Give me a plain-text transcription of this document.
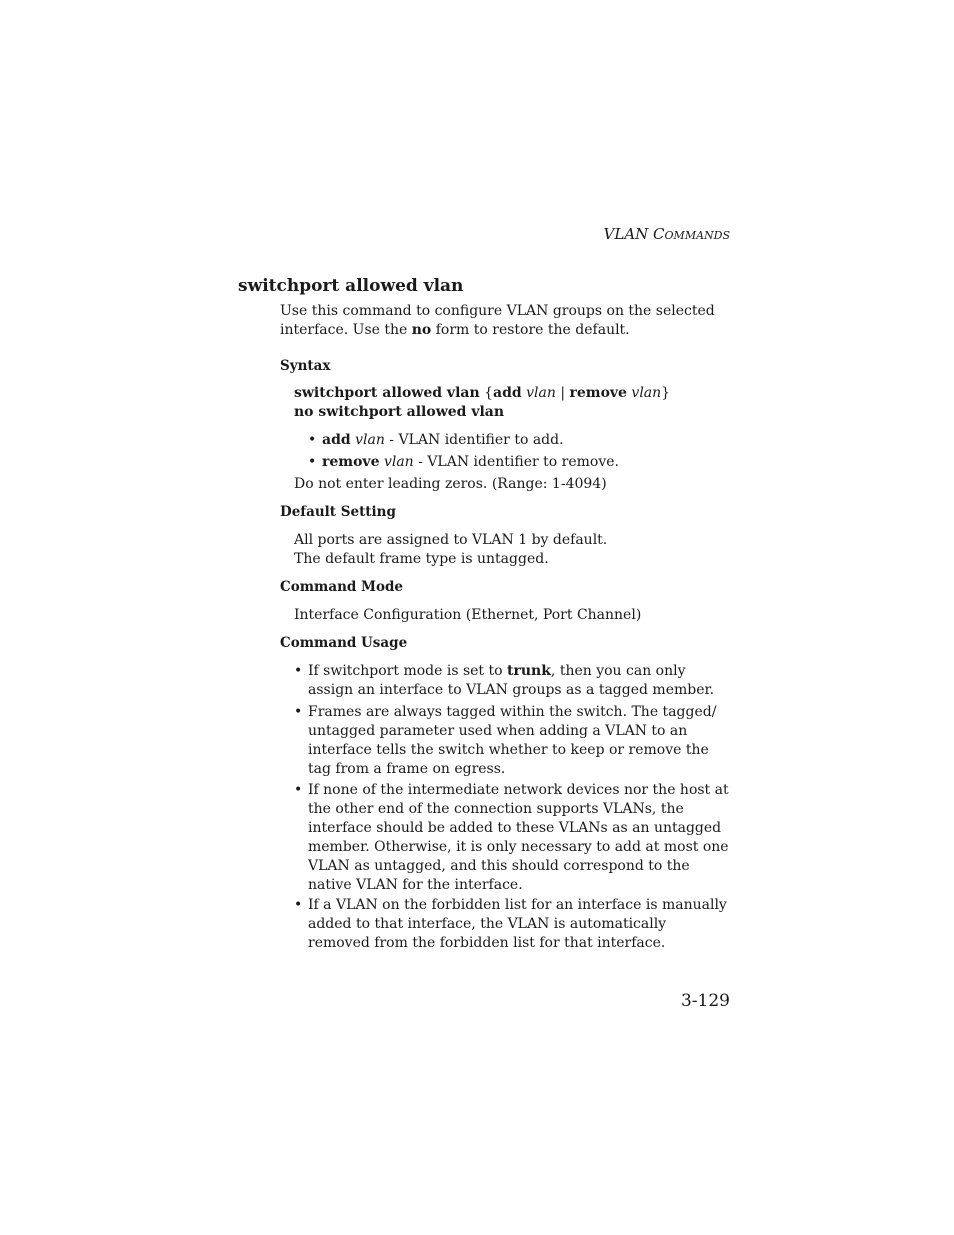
VLAN COMMANDS
switchport allowed vlan
Use this command to configure VLAN groups on the selected
interface. Use the no form to restore the default.
Syntax
switchport allowed vlan {add vlan | remove vlan}
no switchport allowed vlan
• add vlan - VLAN identifier to add.
• remove vlan - VLAN identifier to remove.
Do not enter leading zeros. (Range: 1-4094)
Default Setting
All ports are assigned to VLAN 1 by default.
The default frame type is untagged.
Command Mode
Interface Configuration (Ethernet, Port Channel)
Command Usage
• If switchport mode is set to trunk, then you can only assign an interface to VLAN groups as a tagged member.
• Frames are always tagged within the switch. The tagged/ untagged parameter used when adding a VLAN to an interface tells the switch whether to keep or remove the tag from a frame on egress.
• If none of the intermediate network devices nor the host at the other end of the connection supports VLANs, the interface should be added to these VLANs as an untagged member. Otherwise, it is only necessary to add at most one VLAN as untagged, and this should correspond to the native VLAN for the interface.
• If a VLAN on the forbidden list for an interface is manually added to that interface, the VLAN is automatically removed from the forbidden list for that interface.
3-129
